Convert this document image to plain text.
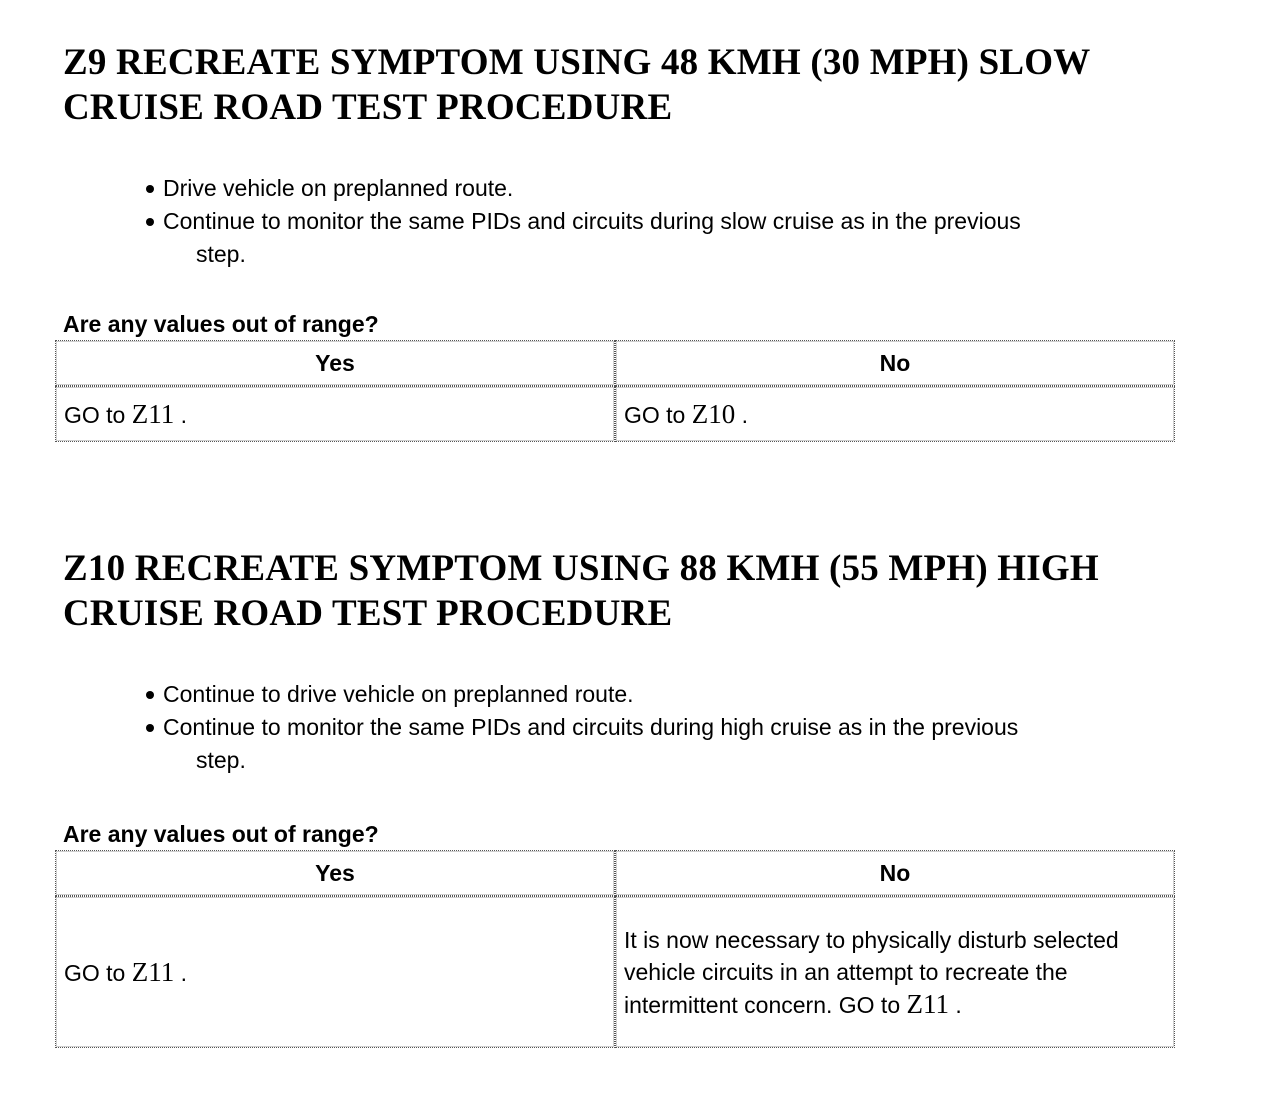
Z9 RECREATE SYMPTOM USING 48 KMH (30 MPH) SLOW
CRUISE ROAD TEST PROCEDURE
Drive vehicle on preplanned route.
Continue to monitor the same PIDs and circuits during slow cruise as in the previous
step.
Are any values out of range?
Yes	No
GO to Z11 .	GO to Z10 .
Z10 RECREATE SYMPTOM USING 88 KMH (55 MPH) HIGH
CRUISE ROAD TEST PROCEDURE
Continue to drive vehicle on preplanned route.
Continue to monitor the same PIDs and circuits during high cruise as in the previous
step.
Are any values out of range?
Yes	No
GO to Z11 .	It is now necessary to physically disturb selected vehicle circuits in an attempt to recreate the intermittent concern. GO to Z11 .
